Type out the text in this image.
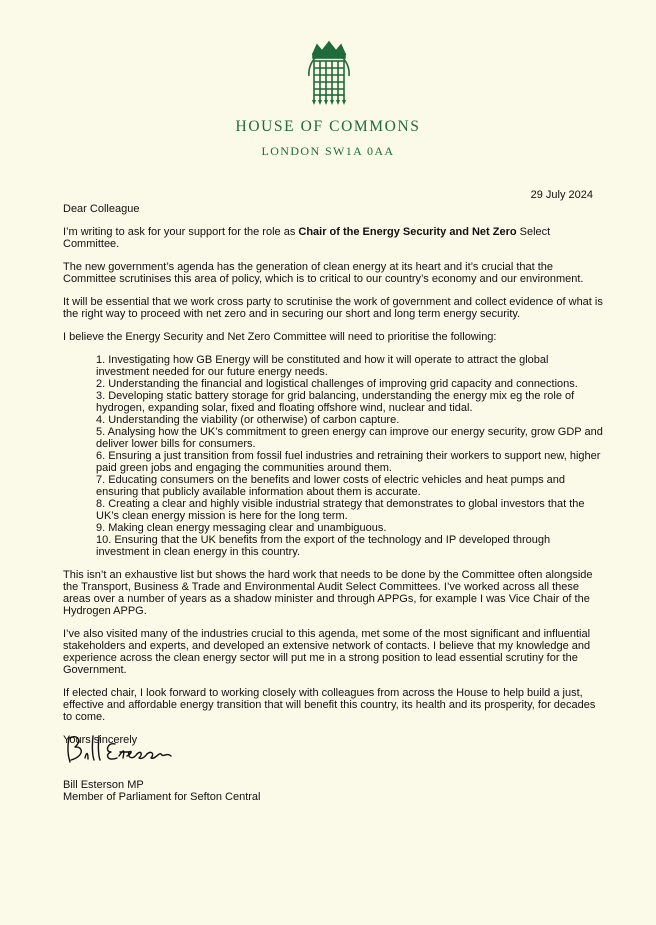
HOUSE OF COMMONS
LONDON SW1A 0AA
29 July 2024

Dear Colleague

I’m writing to ask for your support for the role as Chair of the Energy Security and Net Zero Select Committee.

The new government’s agenda has the generation of clean energy at its heart and it’s crucial that the Committee scrutinises this area of policy, which is to critical to our country’s economy and our environment.

It will be essential that we work cross party to scrutinise the work of government and collect evidence of what is the right way to proceed with net zero and in securing our short and long term energy security.

I believe the Energy Security and Net Zero Committee will need to prioritise the following:

1. Investigating how GB Energy will be constituted and how it will operate to attract the global investment needed for our future energy needs.
2. Understanding the financial and logistical challenges of improving grid capacity and connections.
3. Developing static battery storage for grid balancing, understanding the energy mix eg the role of hydrogen, expanding solar, fixed and floating offshore wind, nuclear and tidal.
4. Understanding the viability (or otherwise) of carbon capture.
5. Analysing how the UK’s commitment to green energy can improve our energy security, grow GDP and deliver lower bills for consumers.
6. Ensuring a just transition from fossil fuel industries and retraining their workers to support new, higher paid green jobs and engaging the communities around them.
7. Educating consumers on the benefits and lower costs of electric vehicles and heat pumps and ensuring that publicly available information about them is accurate.
8. Creating a clear and highly visible industrial strategy that demonstrates to global investors that the UK’s clean energy mission is here for the long term.
9. Making clean energy messaging clear and unambiguous.
10. Ensuring that the UK benefits from the export of the technology and IP developed through investment in clean energy in this country.

This isn’t an exhaustive list but shows the hard work that needs to be done by the Committee often alongside the Transport, Business & Trade and Environmental Audit Select Committees. I’ve worked across all these areas over a number of years as a shadow minister and through APPGs, for example I was Vice Chair of the Hydrogen APPG.

I’ve also visited many of the industries crucial to this agenda, met some of the most significant and influential stakeholders and experts, and developed an extensive network of contacts. I believe that my knowledge and experience across the clean energy sector will put me in a strong position to lead essential scrutiny for the Government.

If elected chair, I look forward to working closely with colleagues from across the House to help build a just, effective and affordable energy transition that will benefit this country, its health and its prosperity, for decades to come.

Yours sincerely

Bill Esterson MP
Member of Parliament for Sefton Central
